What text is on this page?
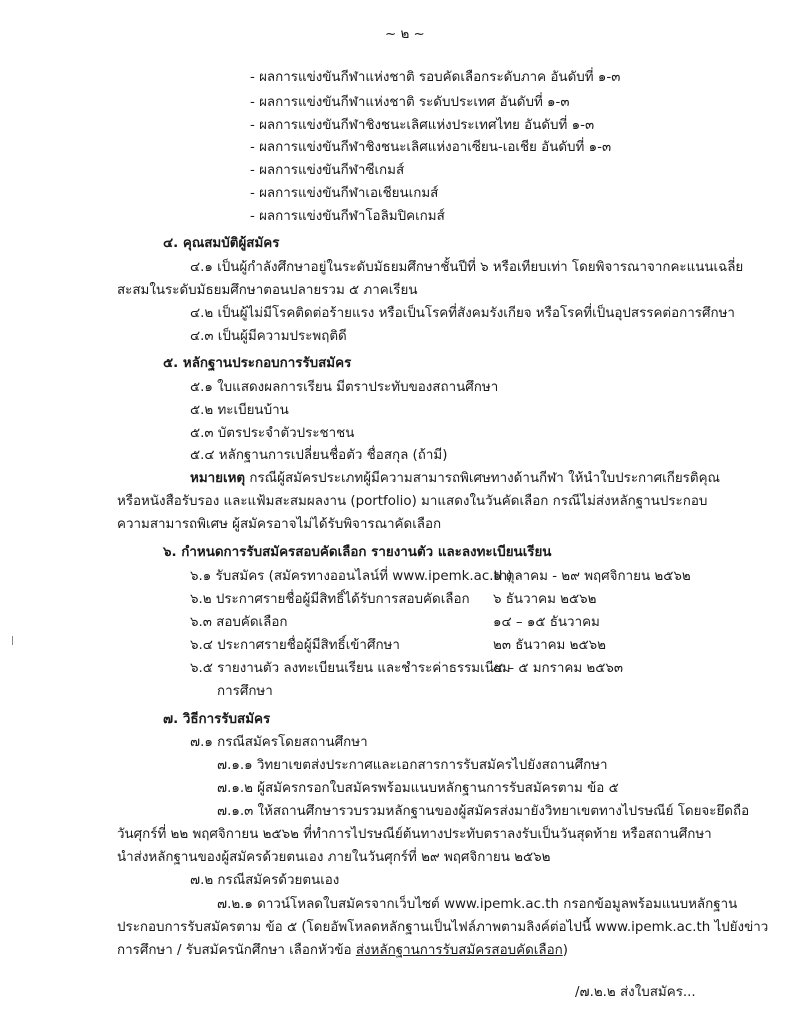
~ ๒ ~
- ผลการแข่งขันกีฬาแห่งชาติ รอบคัดเลือกระดับภาค อันดับที่ ๑-๓
- ผลการแข่งขันกีฬาแห่งชาติ ระดับประเทศ อันดับที่ ๑-๓
- ผลการแข่งขันกีฬาชิงชนะเลิศแห่งประเทศไทย อันดับที่ ๑-๓
- ผลการแข่งขันกีฬาชิงชนะเลิศแห่งอาเซียน-เอเชีย อันดับที่ ๑-๓
- ผลการแข่งขันกีฬาซีเกมส์
- ผลการแข่งขันกีฬาเอเชียนเกมส์
- ผลการแข่งขันกีฬาโอลิมปิคเกมส์
๔. คุณสมบัติผู้สมัคร
๔.๑ เป็นผู้กำลังศึกษาอยู่ในระดับมัธยมศึกษาชั้นปีที่ ๖ หรือเทียบเท่า โดยพิจารณาจากคะแนนเฉลี่ย
สะสมในระดับมัธยมศึกษาตอนปลายรวม ๕ ภาคเรียน
๔.๒ เป็นผู้ไม่มีโรคติดต่อร้ายแรง หรือเป็นโรคที่สังคมรังเกียจ หรือโรคที่เป็นอุปสรรคต่อการศึกษา
๔.๓ เป็นผู้มีความประพฤติดี
๕. หลักฐานประกอบการรับสมัคร
๕.๑ ใบแสดงผลการเรียน มีตราประทับของสถานศึกษา
๕.๒ ทะเบียนบ้าน
๕.๓ บัตรประจำตัวประชาชน
๕.๔ หลักฐานการเปลี่ยนชื่อตัว ชื่อสกุล (ถ้ามี)
หมายเหตุ กรณีผู้สมัครประเภทผู้มีความสามารถพิเศษทางด้านกีฬา ให้นำใบประกาศเกียรติคุณ
หรือหนังสือรับรอง และแฟ้มสะสมผลงาน (portfolio) มาแสดงในวันคัดเลือก กรณีไม่ส่งหลักฐานประกอบ
ความสามารถพิเศษ ผู้สมัครอาจไม่ได้รับพิจารณาคัดเลือก
๖. กำหนดการรับสมัครสอบคัดเลือก รายงานตัว และลงทะเบียนเรียน
๖.๑ รับสมัคร (สมัครทางออนไลน์ที่ www.ipemk.ac.th)
๑ ตุลาคม - ๒๙ พฤศจิกายน ๒๕๖๒
๖.๒ ประกาศรายชื่อผู้มีสิทธิ์ได้รับการสอบคัดเลือก ๖ ธันวาคม ๒๕๖๒
๖.๓ สอบคัดเลือก	๑๔ – ๑๕ ธันวาคม
๖.๔ ประกาศรายชื่อผู้มีสิทธิ์เข้าศึกษา	๒๓ ธันวาคม ๒๕๖๒
๖.๕ รายงานตัว ลงทะเบียนเรียน และชำระค่าธรรมเนียม
๔ – ๕ มกราคม ๒๕๖๓
การศึกษา
๗. วิธีการรับสมัคร
๗.๑ กรณีสมัครโดยสถานศึกษา
๗.๑.๑ วิทยาเขตส่งประกาศและเอกสารการรับสมัครไปยังสถานศึกษา
๗.๑.๒ ผู้สมัครกรอกใบสมัครพร้อมแนบหลักฐานการรับสมัครตาม ข้อ ๕
๗.๑.๓ ให้สถานศึกษารวบรวมหลักฐานของผู้สมัครส่งมายังวิทยาเขตทางไปรษณีย์ โดยจะยึดถือ
วันศุกร์ที่ ๒๒ พฤศจิกายน ๒๕๖๒ ที่ทำการไปรษณีย์ต้นทางประทับตราลงรับเป็นวันสุดท้าย หรือสถานศึกษา
นำส่งหลักฐานของผู้สมัครด้วยตนเอง ภายในวันศุกร์ที่ ๒๙ พฤศจิกายน ๒๕๖๒
๗.๒ กรณีสมัครด้วยตนเอง
๗.๒.๑ ดาวน์โหลดใบสมัครจากเว็บไซต์ www.ipemk.ac.th กรอกข้อมูลพร้อมแนบหลักฐาน
ประกอบการรับสมัครตาม ข้อ ๕ (โดยอัพโหลดหลักฐานเป็นไฟล์ภาพตามลิงค์ต่อไปนี้ www.ipemk.ac.th ไปยังข่าว
การศึกษา / รับสมัครนักศึกษา เลือกหัวข้อ ส่งหลักฐานการรับสมัครสอบคัดเลือก)
/๗.๒.๒ ส่งใบสมัคร...
